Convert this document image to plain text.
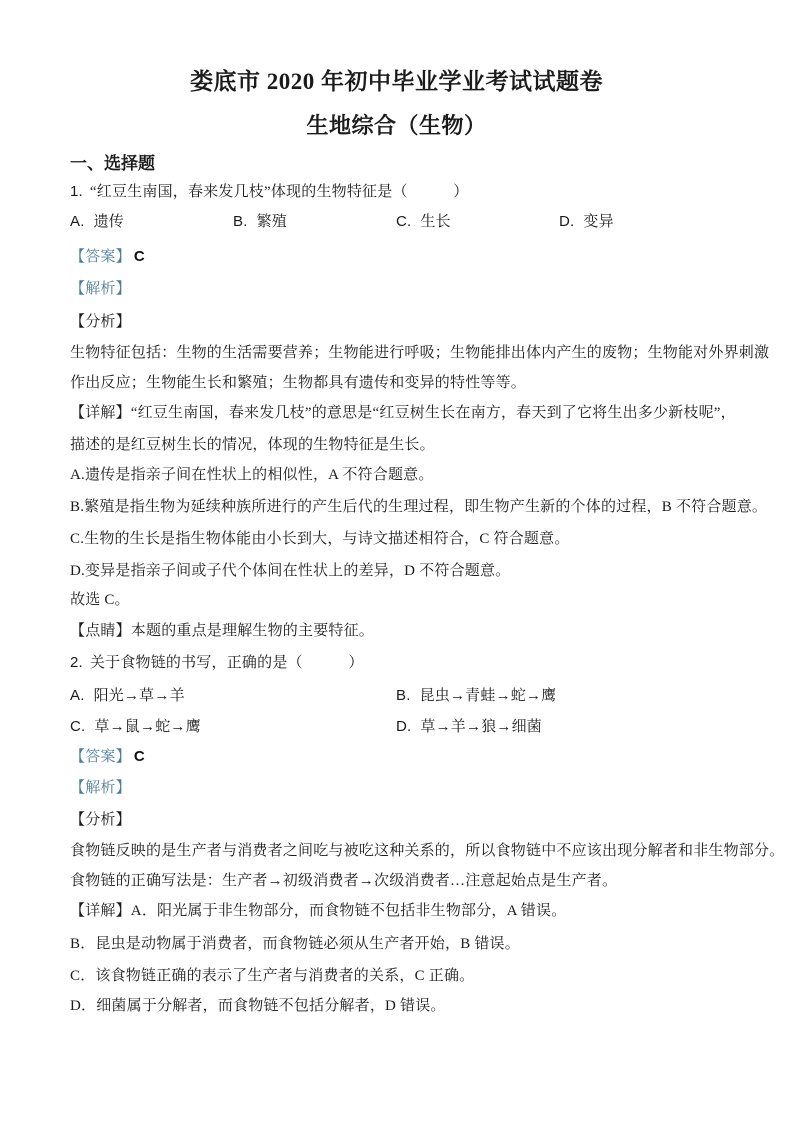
娄底市 2020 年初中毕业学业考试试题卷
生地综合（生物）
一、选择题
1. “红豆生南国，春来发几枝”体现的生物特征是（　　　）
A. 遗传	B. 繁殖	C. 生长	D. 变异
【答案】 C
【解析】
【分析】
生物特征包括：生物的生活需要营养；生物能进行呼吸；生物能排出体内产生的废物；生物能对外界刺激
作出反应；生物能生长和繁殖；生物都具有遗传和变异的特性等等。
【详解】“红豆生南国，春来发几枝”的意思是“红豆树生长在南方，春天到了它将生出多少新枝呢”，
描述的是红豆树生长的情况，体现的生物特征是生长。
A.遗传是指亲子间在性状上的相似性，A 不符合题意。
B.繁殖是指生物为延续种族所进行的产生后代的生理过程，即生物产生新的个体的过程，B 不符合题意。
C.生物的生长是指生物体能由小长到大，与诗文描述相符合，C 符合题意。
D.变异是指亲子间或子代个体间在性状上的差异，D 不符合题意。
故选 C。
【点睛】本题的重点是理解生物的主要特征。
2. 关于食物链的书写，正确的是（　　　）
A. 阳光→草→羊	B. 昆虫→青蛙→蛇→鹰
C. 草→鼠→蛇→鹰	D. 草→羊→狼→细菌
【答案】 C
【解析】
【分析】
食物链反映的是生产者与消费者之间吃与被吃这种关系的，所以食物链中不应该出现分解者和非生物部分。
食物链的正确写法是：生产者→初级消费者→次级消费者…注意起始点是生产者。
【详解】A．阳光属于非生物部分，而食物链不包括非生物部分，A 错误。
B．昆虫是动物属于消费者，而食物链必须从生产者开始，B 错误。
C．该食物链正确的表示了生产者与消费者的关系，C 正确。
D．细菌属于分解者，而食物链不包括分解者，D 错误。
